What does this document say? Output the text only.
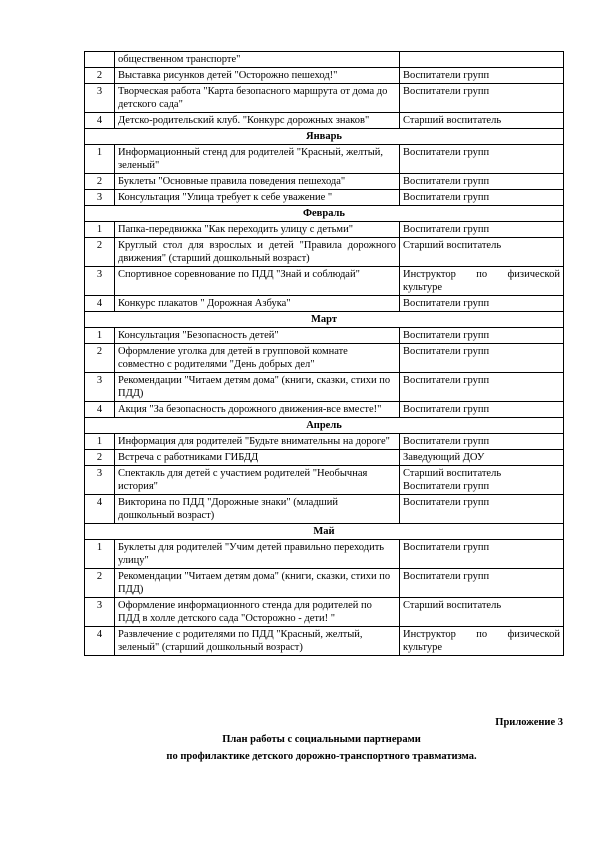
	общественном транспорте"	
2	Выставка рисунков детей "Осторожно пешеход!"	Воспитатели групп
3	Творческая работа "Карта безопасного маршрута от дома до детского сада"	Воспитатели групп
4	Детско-родительский клуб. "Конкурс дорожных знаков"	Старший воспитатель
Январь		
1	Информационный стенд для родителей "Красный, желтый, зеленый"	Воспитатели групп
2	Буклеты "Основные правила поведения пешехода"	Воспитатели групп
3	Консультация "Улица требует к себе уважение "	Воспитатели групп
Февраль		
1	Папка-передвижка "Как переходить улицу с детьми"	Воспитатели групп
2	Круглый стол для взрослых и детей "Правила дорожного движения" (старший дошкольный возраст)	Старший воспитатель
3	Спортивное соревнование по ПДД "Знай и соблюдай"	Инструктор по физической культуре
4	Конкурс плакатов " Дорожная Азбука"	Воспитатели групп
Март		
1	Консультация "Безопасность детей"	Воспитатели групп
2	Оформление уголка для детей в групповой комнате совместно с родителями "День добрых дел"	Воспитатели групп
3	Рекомендации "Читаем детям дома" (книги, сказки, стихи по ПДД)	Воспитатели групп
4	Акция "За безопасность дорожного движения-все вместе!"	Воспитатели групп
Апрель		
1	Информация для родителей "Будьте внимательны на дороге"	Воспитатели групп
2	Встреча с работниками ГИБДД	Заведующий ДОУ
3	Спектакль для детей с участием родителей "Необычная история"	Старший воспитатель Воспитатели групп
4	Викторина по ПДД "Дорожные знаки" (младший дошкольный возраст)	Воспитатели групп
Май		
1	Буклеты для родителей "Учим детей правильно переходить улицу"	Воспитатели групп
2	Рекомендации "Читаем детям дома" (книги, сказки, стихи по ПДД)	Воспитатели групп
3	Оформление информационного стенда для родителей по ПДД в холле детского сада "Осторожно - дети! "	Старший воспитатель
4	Развлечение с родителями по ПДД "Красный, желтый, зеленый" (старший дошкольный возраст)	Инструктор по физической культуре
Приложение 3
План работы с социальными партнерами
по профилактике детского дорожно-транспортного травматизма.
